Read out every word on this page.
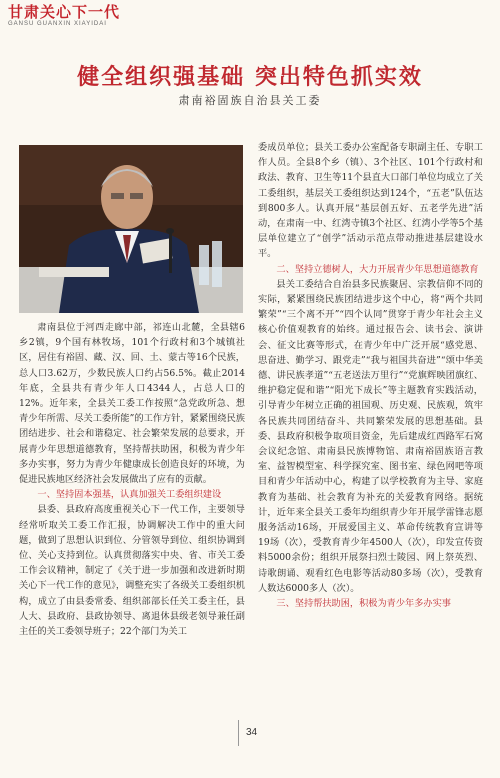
甘肃关心下一代
GANSU GUANXIN XIAYIDAI
健全组织强基础 突出特色抓实效
肃南裕固族自治县关工委

肃南县位于河西走廊中部，祁连山北麓，全县辖6乡2镇，9个国有林牧场，101个行政村和3个城镇社区，居住有裕固、藏、汉、回、土、蒙古等16个民族，总人口3.62万，少数民族人口约占56.5%。截止2014年底，全县共有青少年人口4344人，占总人口的12%。近年来，全县关工委工作按照“急党政所急、想青少年所需、尽关工委所能”的工作方针，紧紧围绕民族团结进步、社会和谐稳定、社会繁荣发展的总要求，开展青少年思想道德教育，坚持帮扶助困，积极为青少年多办实事，努力为青少年健康成长创造良好的环境，为促进民族地区经济社会发展做出了应有的贡献。

一、坚持固本强基，认真加强关工委组织建设

县委、县政府高度重视关心下一代工作，主要领导经常听取关工委工作汇报，协调解决工作中的重大问题，做到了思想认识到位、分管领导到位、组织协调到位、关心支持到位。认真贯彻落实中央、省、市关工委工作会议精神，制定了《关于进一步加强和改进新时期关心下一代工作的意见》，调整充实了各级关工委组织机构，成立了由县委常委、组织部部长任关工委主任，县人大、县政府、县政协领导、离退休县级老领导兼任副主任的关工委领导班子；22个部门为关工

委成员单位；县关工委办公室配备专职副主任、专职工作人员。全县8个乡（镇）、3个社区、101个行政村和政法、教育、卫生等11个县直大口部门单位均成立了关工委组织，基层关工委组织达到124个，“五老”队伍达到800多人。认真开展“基层创五好、五老学先进”活动，在肃南一中、红湾寺镇3个社区、红湾小学等5个基层单位建立了“创学”活动示范点带动推进基层建设水平。

二、坚持立德树人，大力开展青少年思想道德教育

县关工委结合自治县多民族聚居、宗教信仰不同的实际，紧紧围绕民族团结进步这个中心，将“两个共同繁荣”“三个离不开”“四个认同”贯穿于青少年社会主义核心价值观教育的始终。通过报告会、读书会、演讲会、征文比赛等形式，在青少年中广泛开展“感党恩、思奋进、勤学习、跟党走”“我与祖国共奋进”“颂中华美德、讲民族孝道”“五老送法万里行”“党旗辉映团旗红、维护稳定促和谐”“阳光下成长”等主题教育实践活动，引导青少年树立正确的祖国观、历史观、民族观，筑牢各民族共同团结奋斗、共同繁荣发展的思想基础。县委、县政府积极争取项目资金，先后建成红西路军石窝会议纪念馆、肃南县民族博物馆、肃南裕固族语言教室、益智模型室、科学探究室、图书室、绿色网吧等项目和青少年活动中心，构建了以学校教育为主导、家庭教育为基础、社会教育为补充的关爱教育网络。据统计，近年来全县关工委年均组织青少年开展学雷锋志愿服务活动16场，开展爱国主义、革命传统教育宣讲等19场（次），受教育青少年4500人（次），印发宣传资料5000余份；组织开展祭扫烈士陵园、网上祭英烈、诗歌朗诵、观看红色电影等活动80多场（次），受教育人数达6000多人（次）。

三、坚持帮扶助困，积极为青少年多办实事

34
